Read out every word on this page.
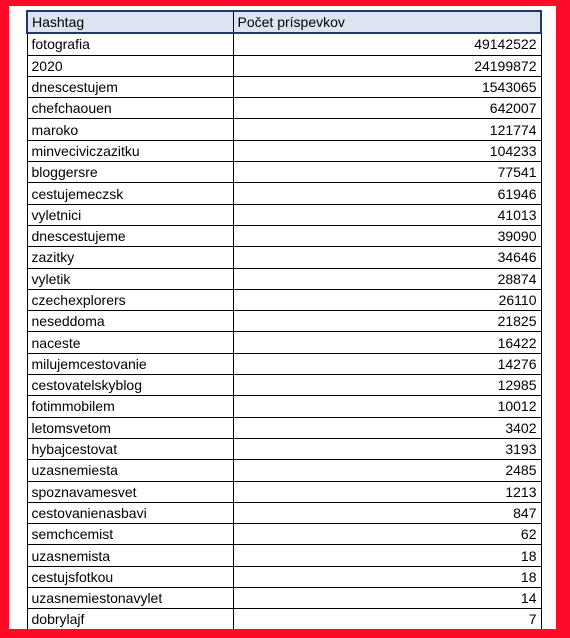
Hashtag	Počet príspevkov
fotografia	49142522
2020	24199872
dnescestujem	1543065
chefchaouen	642007
maroko	121774
minveciviczazitku	104233
bloggersre	77541
cestujemeczsk	61946
vyletnici	41013
dnescestujeme	39090
zazitky	34646
vyletik	28874
czechexplorers	26110
neseddoma	21825
naceste	16422
milujemcestovanie	14276
cestovatelskyblog	12985
fotimmobilem	10012
letomsvetom	3402
hybajcestovat	3193
uzasnemiesta	2485
spoznavamesvet	1213
cestovanienasbavi	847
semchcemist	62
uzasnemista	18
cestujsfotkou	18
uzasnemiestonavylet	14
dobrylajf	7
